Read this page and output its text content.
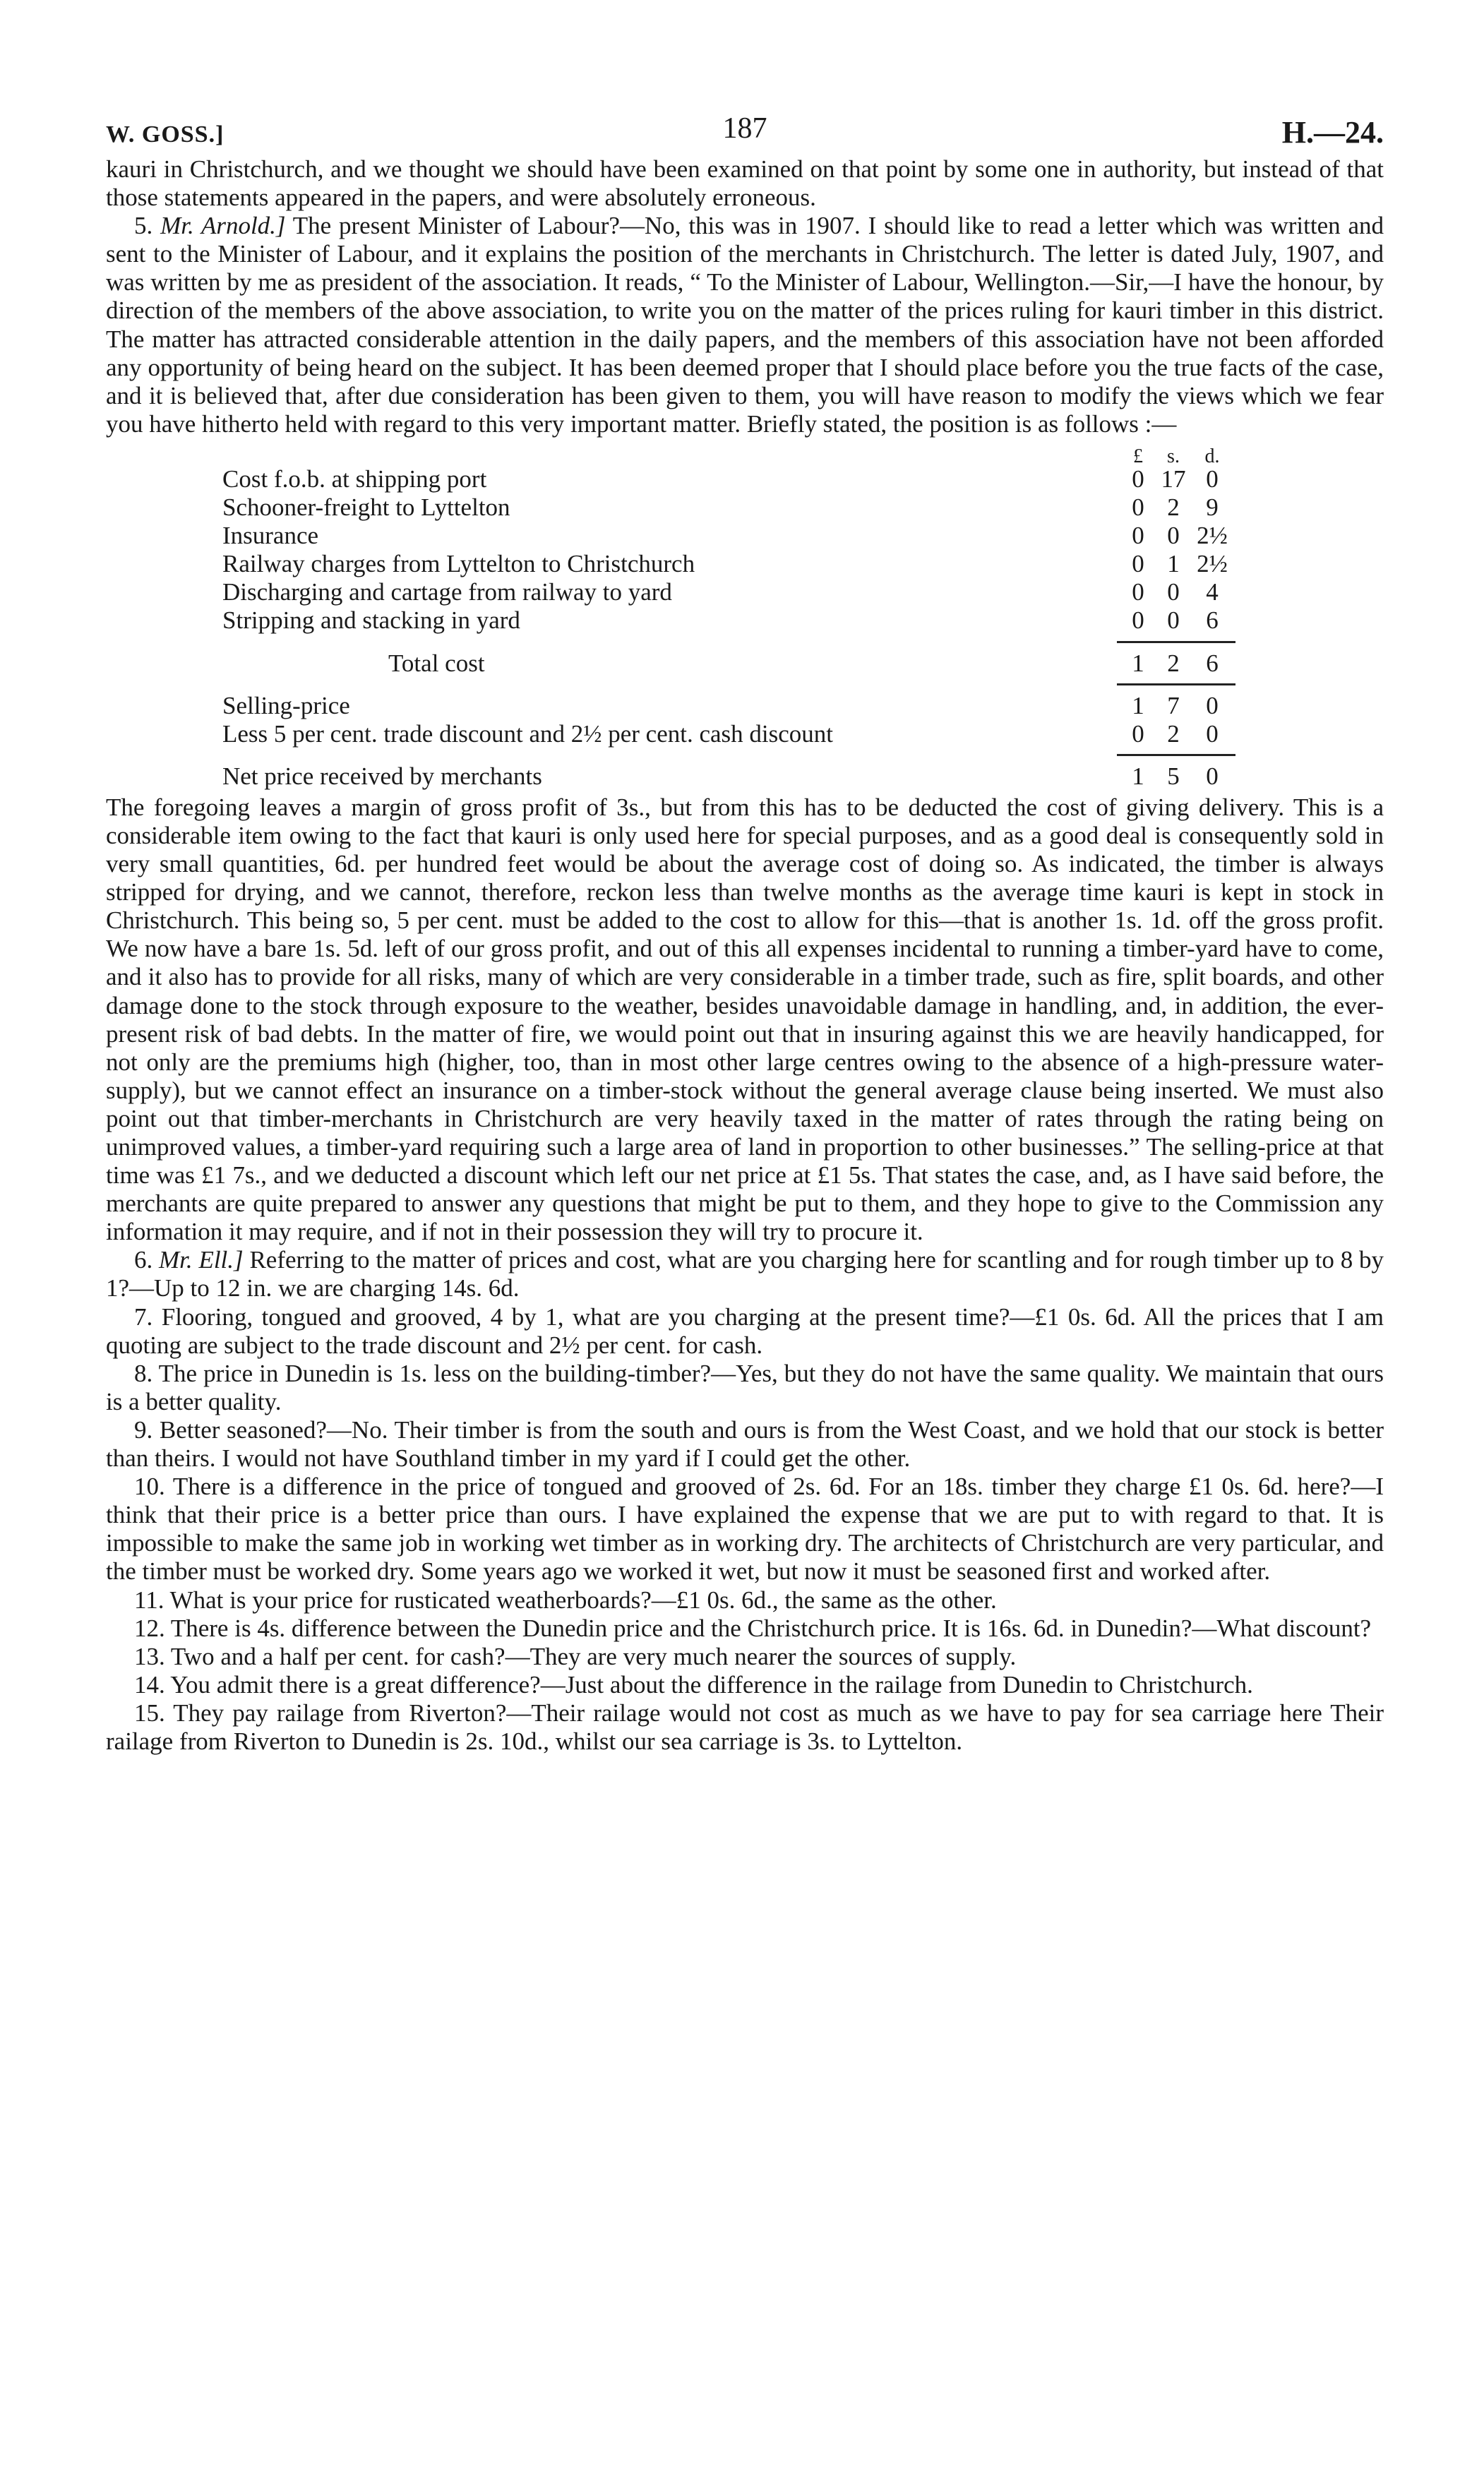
W. GOSS.]	187	H.—24.

kauri in Christchurch, and we thought we should have been examined on that point by some one in authority, but instead of that those statements appeared in the papers, and were absolutely erroneous.

5. Mr. Arnold.] The present Minister of Labour?—No, this was in 1907. I should like to read a letter which was written and sent to the Minister of Labour, and it explains the position of the merchants in Christchurch. The letter is dated July, 1907, and was written by me as president of the association. It reads, “ To the Minister of Labour, Wellington.—Sir,—I have the honour, by direction of the members of the above association, to write you on the matter of the prices ruling for kauri timber in this district. The matter has attracted considerable attention in the daily papers, and the members of this association have not been afforded any opportunity of being heard on the subject. It has been deemed proper that I should place before you the true facts of the case, and it is believed that, after due consideration has been given to them, you will have reason to modify the views which we fear you have hitherto held with regard to this very important matter. Briefly stated, the position is as follows :—

£	s.	d.
Cost f.o.b. at shipping port	0 17 0
Schooner-freight to Lyttelton	0 2	9
Insurance	0 0 2½
Railway charges from Lyttelton to Christchurch	0 1 2½
Discharging and cartage from railway to yard	0 0	4
Stripping and stacking in yard	0 0	6
Total cost	1 2	6
Selling-price	1 7	0
Less 5 per cent. trade discount and 2½ per cent. cash discount	0 2	0
Net price received by merchants	1 5	0

The foregoing leaves a margin of gross profit of 3s., but from this has to be deducted the cost of giving delivery. This is a considerable item owing to the fact that kauri is only used here for special purposes, and as a good deal is consequently sold in very small quantities, 6d. per hundred feet would be about the average cost of doing so. As indicated, the timber is always stripped for drying, and we cannot, therefore, reckon less than twelve months as the average time kauri is kept in stock in Christchurch. This being so, 5 per cent. must be added to the cost to allow for this—that is another 1s. 1d. off the gross profit. We now have a bare 1s. 5d. left of our gross profit, and out of this all expenses incidental to running a timber-yard have to come, and it also has to provide for all risks, many of which are very considerable in a timber trade, such as fire, split boards, and other damage done to the stock through exposure to the weather, besides unavoidable damage in handling, and, in addition, the ever-present risk of bad debts. In the matter of fire, we would point out that in insuring against this we are heavily handicapped, for not only are the premiums high (higher, too, than in most other large centres owing to the absence of a high-pressure water-supply), but we cannot effect an insurance on a timber-stock without the general average clause being inserted. We must also point out that timber-merchants in Christchurch are very heavily taxed in the matter of rates through the rating being on unimproved values, a timber-yard requiring such a large area of land in proportion to other businesses.” The selling-price at that time was £1 7s., and we deducted a discount which left our net price at £1 5s. That states the case, and, as I have said before, the merchants are quite prepared to answer any questions that might be put to them, and they hope to give to the Commission any information it may require, and if not in their possession they will try to procure it.

6. Mr. Ell.] Referring to the matter of prices and cost, what are you charging here for scantling and for rough timber up to 8 by 1?—Up to 12 in. we are charging 14s. 6d.

7. Flooring, tongued and grooved, 4 by 1, what are you charging at the present time?—£1 0s. 6d. All the prices that I am quoting are subject to the trade discount and 2½ per cent. for cash.

8. The price in Dunedin is 1s. less on the building-timber?—Yes, but they do not have the same quality. We maintain that ours is a better quality.

9. Better seasoned?—No. Their timber is from the south and ours is from the West Coast, and we hold that our stock is better than theirs. I would not have Southland timber in my yard if I could get the other.

10. There is a difference in the price of tongued and grooved of 2s. 6d. For an 18s. timber they charge £1 0s. 6d. here?—I think that their price is a better price than ours. I have explained the expense that we are put to with regard to that. It is impossible to make the same job in working wet timber as in working dry. The architects of Christchurch are very particular, and the timber must be worked dry. Some years ago we worked it wet, but now it must be seasoned first and worked after.

11. What is your price for rusticated weatherboards?—£1 0s. 6d., the same as the other.

12. There is 4s. difference between the Dunedin price and the Christchurch price. It is 16s. 6d. in Dunedin?—What discount?

13. Two and a half per cent. for cash?—They are very much nearer the sources of supply.

14. You admit there is a great difference?—Just about the difference in the railage from Dunedin to Christchurch.

15. They pay railage from Riverton?—Their railage would not cost as much as we have to pay for sea carriage here Their railage from Riverton to Dunedin is 2s. 10d., whilst our sea carriage is 3s. to Lyttelton.
